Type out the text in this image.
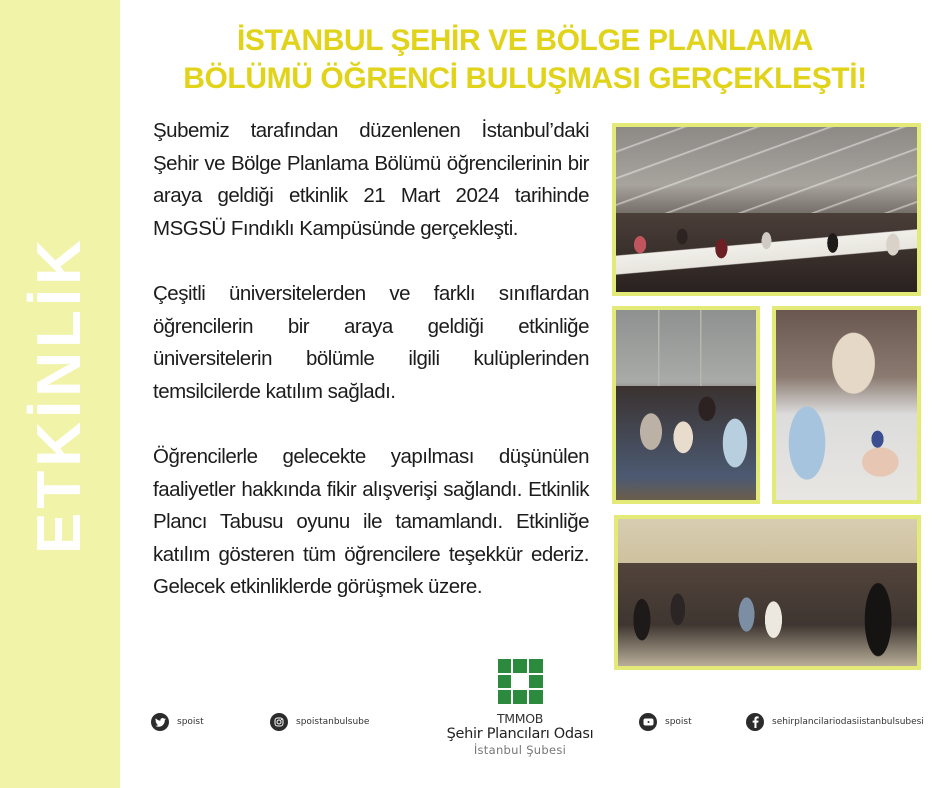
ETKİNLİK
İSTANBUL ŞEHİR VE BÖLGE PLANLAMA
BÖLÜMÜ ÖĞRENCİ BULUŞMASI GERÇEKLEŞTİ!

Şubemiz tarafından düzenlenen İstanbul’daki Şehir ve Bölge Planlama Bölümü öğrencilerinin bir araya geldiği etkinlik 21 Mart 2024 tarihinde MSGSÜ Fındıklı Kampüsünde gerçekleşti.

Çeşitli üniversitelerden ve farklı sınıflardan öğrencilerin bir araya geldiği etkinliğe üniversitelerin bölümle ilgili kulüplerinden temsilcilerde katılım sağladı.

Öğrencilerle gelecekte yapılması düşünülen faaliyetler hakkında fikir alışverişi sağlandı. Etkinlik Plancı Tabusu oyunu ile tamamlandı. Etkinliğe katılım gösteren tüm öğrencilere teşekkür ederiz. Gelecek etkinliklerde görüşmek üzere.

spoist	spoistanbulsube	TMMOB
Şehir Plancıları Odası
İstanbul Şubesi
spoist	sehirplancilariodasiistanbulsubesi
